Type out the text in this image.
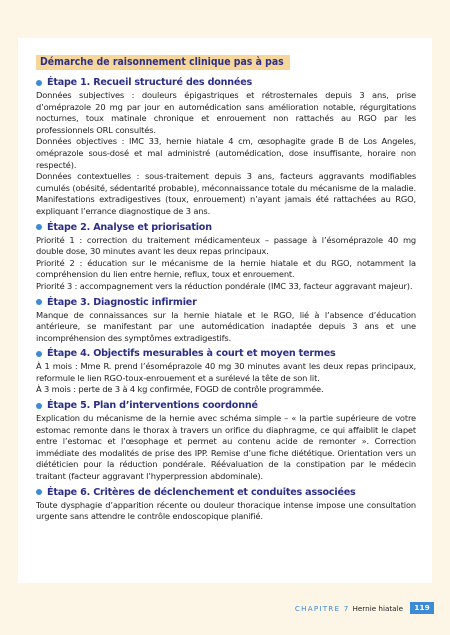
Démarche de raisonnement clinique pas à pas
Étape 1. Recueil structuré des données

Données subjectives : douleurs épigastriques et rétrosternales depuis 3 ans, prise d’oméprazole 20 mg par jour en automédication sans amélioration notable, régurgitations nocturnes, toux matinale chronique et enrouement non rattachés au RGO par les professionnels ORL consultés.

Données objectives : IMC 33, hernie hiatale 4 cm, œsophagite grade B de Los Angeles, oméprazole sous-dosé et mal administré (automédication, dose insuffisante, horaire non respecté).

Données contextuelles : sous-traitement depuis 3 ans, facteurs aggravants modifiables cumulés (obésité, sédentarité probable), méconnaissance totale du mécanisme de la maladie. Manifestations extradigestives (toux, enrouement) n’ayant jamais été rattachées au RGO, expliquant l’errance diagnostique de 3 ans.

Étape 2. Analyse et priorisation

Priorité 1 : correction du traitement médicamenteux – passage à l’ésoméprazole 40 mg double dose, 30 minutes avant les deux repas principaux.

Priorité 2 : éducation sur le mécanisme de la hernie hiatale et du RGO, notamment la compréhension du lien entre hernie, reflux, toux et enrouement.

Priorité 3 : accompagnement vers la réduction pondérale (IMC 33, facteur aggravant majeur).

Étape 3. Diagnostic infirmier

Manque de connaissances sur la hernie hiatale et le RGO, lié à l’absence d’éducation antérieure, se manifestant par une automédication inadaptée depuis 3 ans et une incompréhension des symptômes extradigestifs.

Étape 4. Objectifs mesurables à court et moyen termes

À 1 mois : Mme R. prend l’ésoméprazole 40 mg 30 minutes avant les deux repas principaux, reformule le lien RGO-toux-enrouement et a surélevé la tête de son lit.

À 3 mois : perte de 3 à 4 kg confirmée, FOGD de contrôle programmée.

Étape 5. Plan d’interventions coordonné

Explication du mécanisme de la hernie avec schéma simple – « la partie supérieure de votre estomac remonte dans le thorax à travers un orifice du diaphragme, ce qui affaiblit le clapet entre l’estomac et l’œsophage et permet au contenu acide de remonter ». Correction immédiate des modalités de prise des IPP. Remise d’une fiche diététique. Orientation vers un diététicien pour la réduction pondérale. Réévaluation de la constipation par le médecin traitant (facteur aggravant l’hyperpression abdominale).

Étape 6. Critères de déclenchement et conduites associées

Toute dysphagie d’apparition récente ou douleur thoracique intense impose une consultation urgente sans attendre le contrôle endoscopique planifié.

CHAPITRE 7 Hernie hiatale	119
